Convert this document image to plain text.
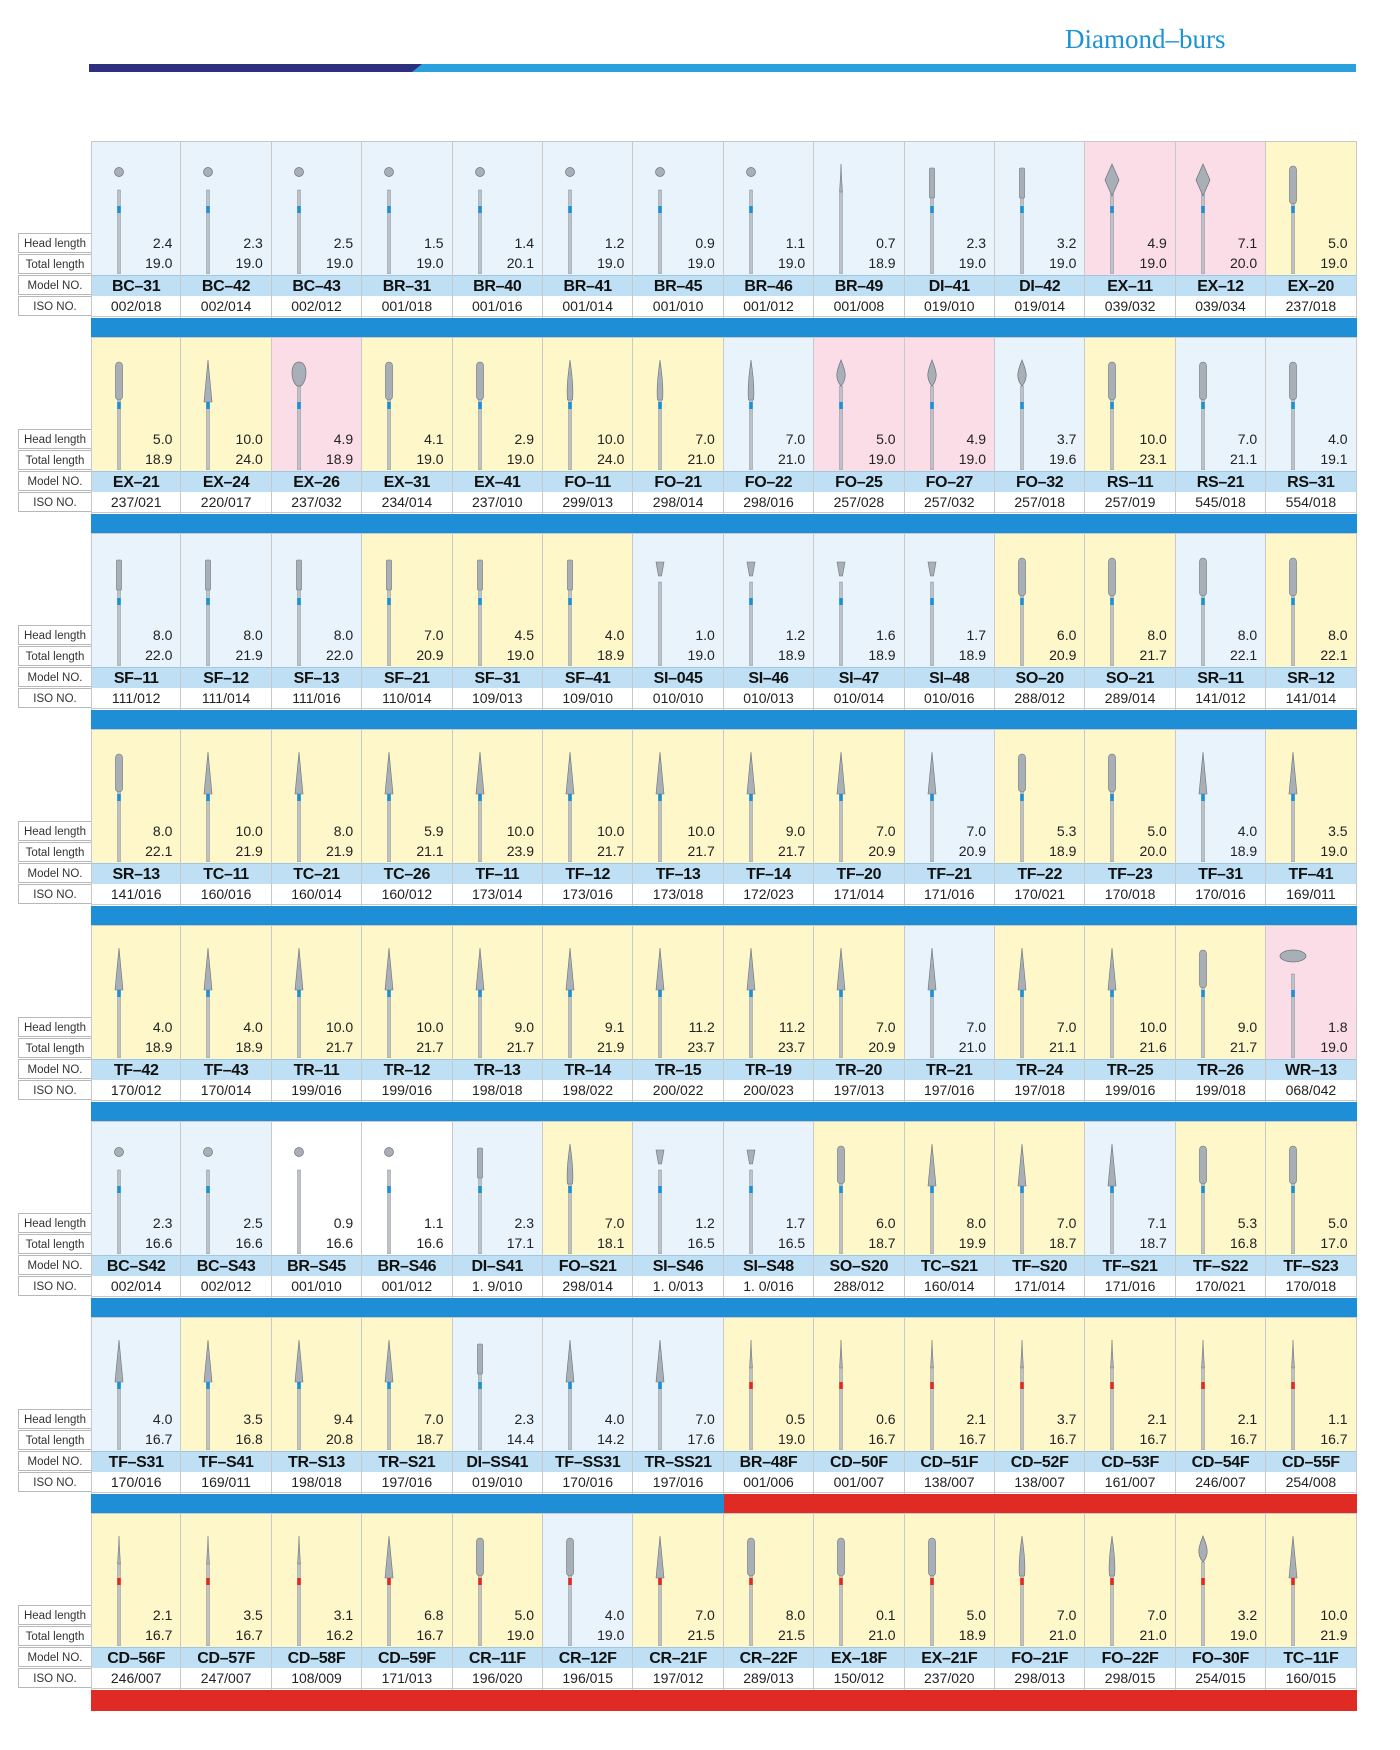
Diamond–burs
Head length
Total length
Model NO.
ISO NO.
2.4
19.0
BC–31
002/018
2.3
19.0
BC–42
002/014
2.5
19.0
BC–43
002/012
1.5
19.0
BR–31
001/018
1.4
20.1
BR–40
001/016
1.2
19.0
BR–41
001/014
0.9
19.0
BR–45
001/010
1.1
19.0
BR–46
001/012
0.7
18.9
BR–49
001/008
2.3
19.0
DI–41
019/010
3.2
19.0
DI–42
019/014
4.9
19.0
EX–11
039/032
7.1
20.0
EX–12
039/034
5.0
19.0
EX–20
237/018
Head length
Total length
Model NO.
ISO NO.
5.0
18.9
EX–21
237/021
10.0
24.0
EX–24
220/017
4.9
18.9
EX–26
237/032
4.1
19.0
EX–31
234/014
2.9
19.0
EX–41
237/010
10.0
24.0
FO–11
299/013
7.0
21.0
FO–21
298/014
7.0
21.0
FO–22
298/016
5.0
19.0
FO–25
257/028
4.9
19.0
FO–27
257/032
3.7
19.6
FO–32
257/018
10.0
23.1
RS–11
257/019
7.0
21.1
RS–21
545/018
4.0
19.1
RS–31
554/018
Head length
Total length
Model NO.
ISO NO.
8.0
22.0
SF–11
111/012
8.0
21.9
SF–12
111/014
8.0
22.0
SF–13
111/016
7.0
20.9
SF–21
110/014
4.5
19.0
SF–31
109/013
4.0
18.9
SF–41
109/010
1.0
19.0
SI–045
010/010
1.2
18.9
SI–46
010/013
1.6
18.9
SI–47
010/014
1.7
18.9
SI–48
010/016
6.0
20.9
SO–20
288/012
8.0
21.7
SO–21
289/014
8.0
22.1
SR–11
141/012
8.0
22.1
SR–12
141/014
Head length
Total length
Model NO.
ISO NO.
8.0
22.1
SR–13
141/016
10.0
21.9
TC–11
160/016
8.0
21.9
TC–21
160/014
5.9
21.1
TC–26
160/012
10.0
23.9
TF–11
173/014
10.0
21.7
TF–12
173/016
10.0
21.7
TF–13
173/018
9.0
21.7
TF–14
172/023
7.0
20.9
TF–20
171/014
7.0
20.9
TF–21
171/016
5.3
18.9
TF–22
170/021
5.0
20.0
TF–23
170/018
4.0
18.9
TF–31
170/016
3.5
19.0
TF–41
169/011
Head length
Total length
Model NO.
ISO NO.
4.0
18.9
TF–42
170/012
4.0
18.9
TF–43
170/014
10.0
21.7
TR–11
199/016
10.0
21.7
TR–12
199/016
9.0
21.7
TR–13
198/018
9.1
21.9
TR–14
198/022
11.2
23.7
TR–15
200/022
11.2
23.7
TR–19
200/023
7.0
20.9
TR–20
197/013
7.0
21.0
TR–21
197/016
7.0
21.1
TR–24
197/018
10.0
21.6
TR–25
199/016
9.0
21.7
TR–26
199/018
1.8
19.0
WR–13
068/042
Head length
Total length
Model NO.
ISO NO.
2.3
16.6
BC–S42
002/014
2.5
16.6
BC–S43
002/012
0.9
16.6
BR–S45
001/010
1.1
16.6
BR–S46
001/012
2.3
17.1
DI–S41
1. 9/010
7.0
18.1
FO–S21
298/014
1.2
16.5
SI–S46
1. 0/013
1.7
16.5
SI–S48
1. 0/016
6.0
18.7
SO–S20
288/012
8.0
19.9
TC–S21
160/014
7.0
18.7
TF–S20
171/014
7.1
18.7
TF–S21
171/016
5.3
16.8
TF–S22
170/021
5.0
17.0
TF–S23
170/018
Head length
Total length
Model NO.
ISO NO.
4.0
16.7
TF–S31
170/016
3.5
16.8
TF–S41
169/011
9.4
20.8
TR–S13
198/018
7.0
18.7
TR–S21
197/016
2.3
14.4
DI–SS41
019/010
4.0
14.2
TF–SS31
170/016
7.0
17.6
TR–SS21
197/016
0.5
19.0
BR–48F
001/006
0.6
16.7
CD–50F
001/007
2.1
16.7
CD–51F
138/007
3.7
16.7
CD–52F
138/007
2.1
16.7
CD–53F
161/007
2.1
16.7
CD–54F
246/007
1.1
16.7
CD–55F
254/008
Head length
Total length
Model NO.
ISO NO.
2.1
16.7
CD–56F
246/007
3.5
16.7
CD–57F
247/007
3.1
16.2
CD–58F
108/009
6.8
16.7
CD–59F
171/013
5.0
19.0
CR–11F
196/020
4.0
19.0
CR–12F
196/015
7.0
21.5
CR–21F
197/012
8.0
21.5
CR–22F
289/013
0.1
21.0
EX–18F
150/012
5.0
18.9
EX–21F
237/020
7.0
21.0
FO–21F
298/013
7.0
21.0
FO–22F
298/015
3.2
19.0
FO–30F
254/015
10.0
21.9
TC–11F
160/015
